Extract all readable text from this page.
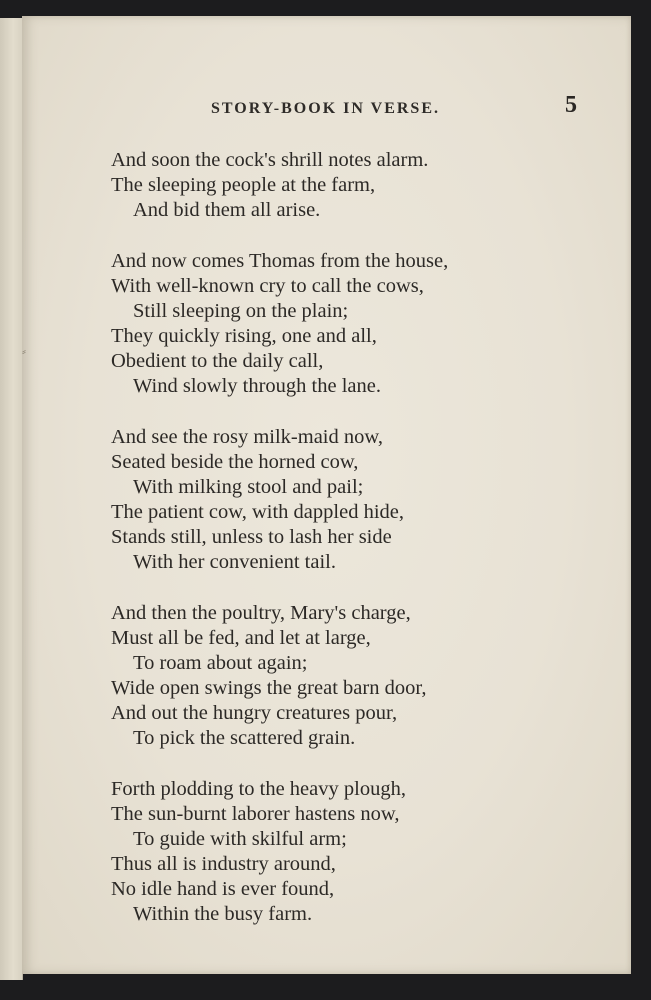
⸗
STORY-BOOK IN VERSE.	5
And soon the cock's shrill notes alarm.
The sleeping people at the farm,
And bid them all arise.
And now comes Thomas from the house,
With well-known cry to call the cows,
Still sleeping on the plain;
They quickly rising, one and all,
Obedient to the daily call,
Wind slowly through the lane.
And see the rosy milk-maid now,
Seated beside the horned cow,
With milking stool and pail;
The patient cow, with dappled hide,
Stands still, unless to lash her side
With her convenient tail.
And then the poultry, Mary's charge,
Must all be fed, and let at large,
To roam about again;
Wide open swings the great barn door,
And out the hungry creatures pour,
To pick the scattered grain.
Forth plodding to the heavy plough,
The sun-burnt laborer hastens now,
To guide with skilful arm;
Thus all is industry around,
No idle hand is ever found,
Within the busy farm.
